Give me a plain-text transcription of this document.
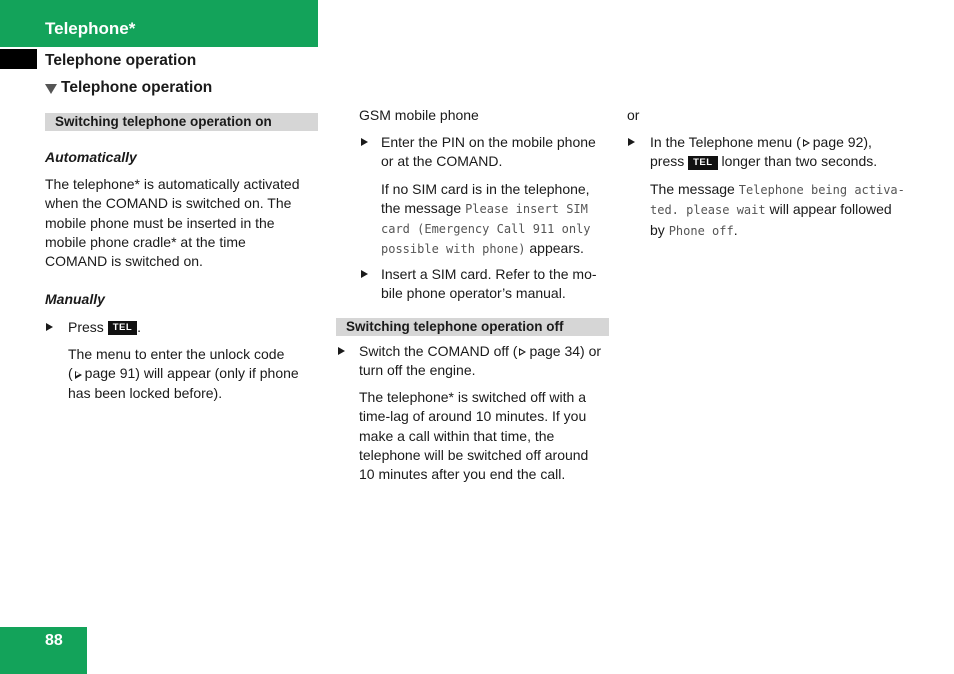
Telephone*
Telephone operation
Telephone operation
Switching telephone operation on
Automatically
The telephone* is automatically activated
when the COMAND is switched on. The
mobile phone must be inserted in the
mobile phone cradle* at the time
COMAND is switched on.
Manually
Press TEL .
The menu to enter the unlock code
( page 91) will appear (only if phone
has been locked before).
GSM mobile phone
Enter the PIN on the mobile phone
or at the COMAND.
If no SIM card is in the telephone,
the message Please insert SIM
card (Emergency Call 911 only
possible with phone) appears.
Insert a SIM card. Refer to the mo-
bile phone operator’s manual.
Switching telephone operation off
Switch the COMAND off ( page 34) or
turn off the engine.
The telephone* is switched off with a
time-lag of around 10 minutes. If you
make a call within that time, the
telephone will be switched off around
10 minutes after you end the call.
or
In the Telephone menu ( page 92),
press TEL longer than two seconds.
The message Telephone being activa-
ted. please wait will appear followed
by Phone off.
88
